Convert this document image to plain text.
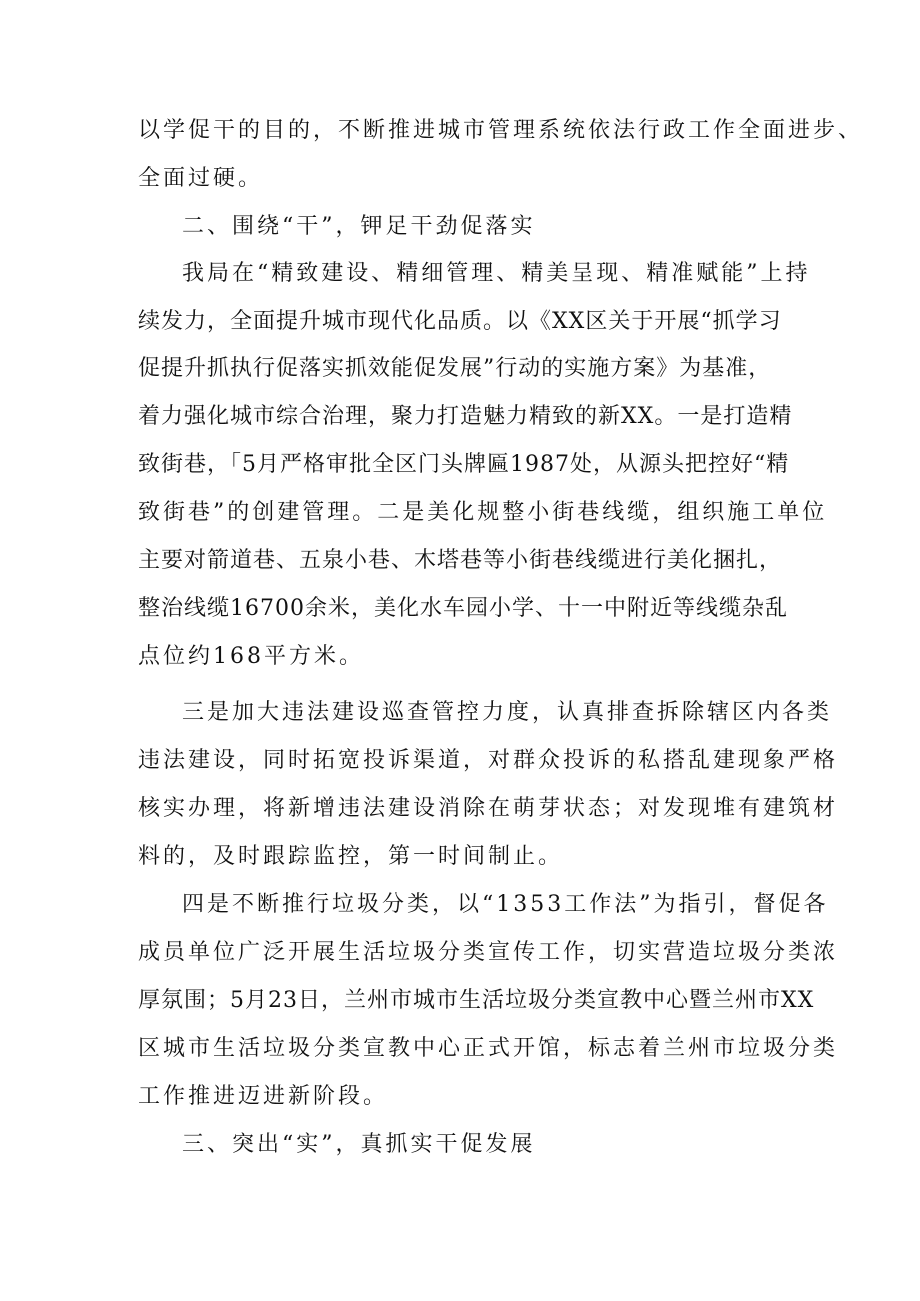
以学促干的目的，不断推进城市管理系统依法行政工作全面进步、
全面过硬。
二、围绕“干”，钾足干劲促落实
我局在“精致建设、精细管理、精美呈现、精准赋能”上持
续发力，全面提升城市现代化品质。以《XX区关于开展“抓学习
促提升抓执行促落实抓效能促发展”行动的实施方案》为基准，
着力强化城市综合治理，聚力打造魅力精致的新XX。一是打造精
致街巷，「5月严格审批全区门头牌匾1987处，从源头把控好“精
致街巷”的创建管理。二是美化规整小街巷线缆，组织施工单位
主要对箭道巷、五泉小巷、木塔巷等小街巷线缆进行美化捆扎，
整治线缆16700余米，美化水车园小学、十一中附近等线缆杂乱
点位约168平方米。
三是加大违法建设巡查管控力度，认真排查拆除辖区内各类
违法建设，同时拓宽投诉渠道，对群众投诉的私搭乱建现象严格
核实办理，将新增违法建设消除在萌芽状态；对发现堆有建筑材
料的，及时跟踪监控，第一时间制止。
四是不断推行垃圾分类，以“1353工作法”为指引，督促各
成员单位广泛开展生活垃圾分类宣传工作，切实营造垃圾分类浓
厚氛围；5月23日，兰州市城市生活垃圾分类宣教中心暨兰州市XX
区城市生活垃圾分类宣教中心正式开馆，标志着兰州市垃圾分类
工作推进迈进新阶段。
三、突出“实”，真抓实干促发展
